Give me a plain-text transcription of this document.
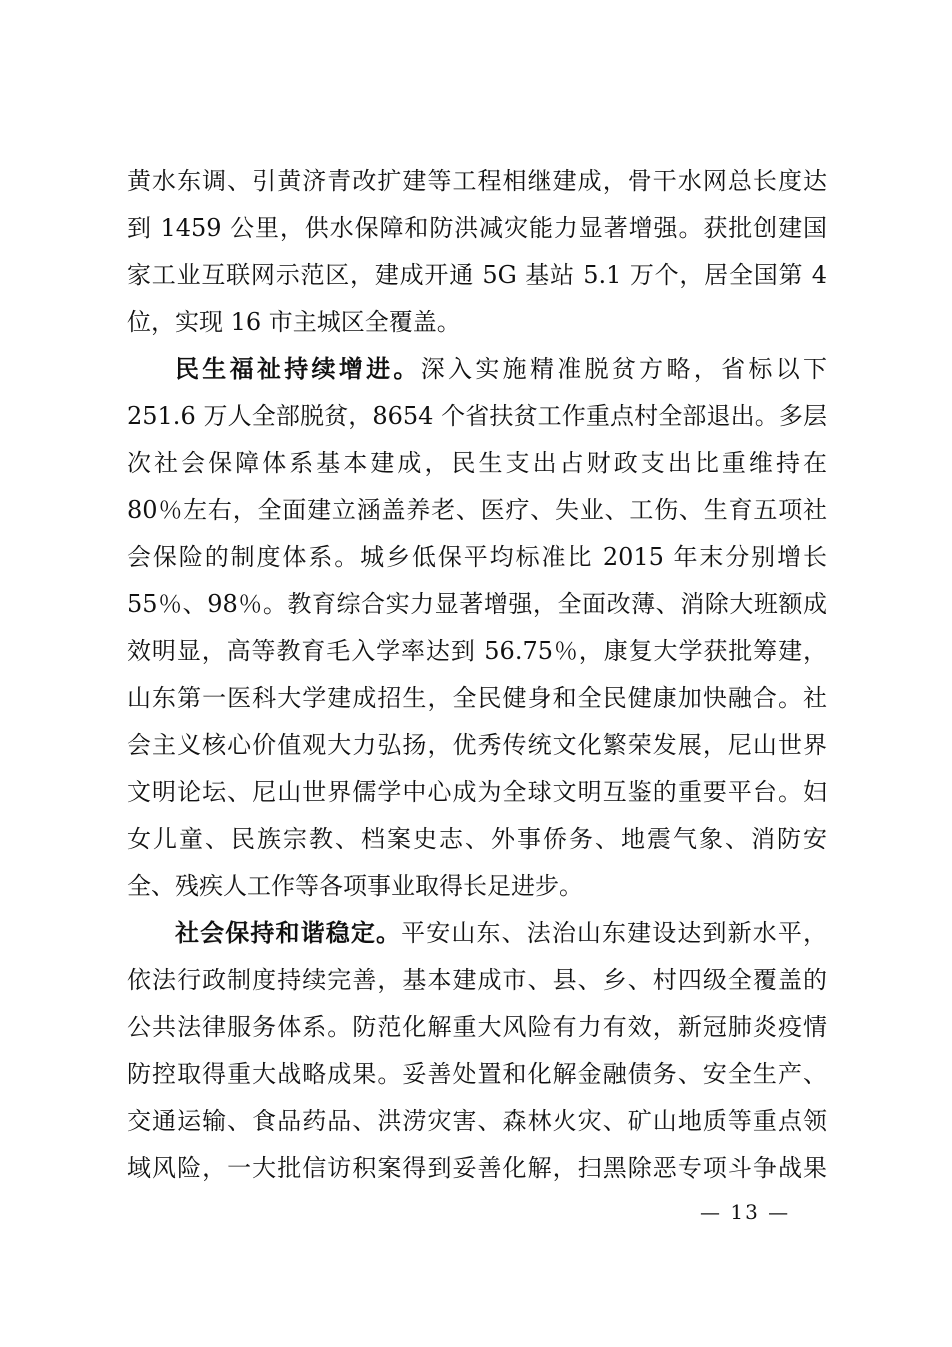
黄水东调、引黄济青改扩建等工程相继建成，骨干水网总长度达
到 1459 公里，供水保障和防洪减灾能力显著增强。获批创建国
家工业互联网示范区，建成开通 5G 基站 5.1 万个，居全国第 4
位，实现 16 市主城区全覆盖。
民生福祉持续增进。深入实施精准脱贫方略，省标以下
251.6 万人全部脱贫，8654 个省扶贫工作重点村全部退出。多层
次社会保障体系基本建成，民生支出占财政支出比重维持在
80％左右，全面建立涵盖养老、医疗、失业、工伤、生育五项社
会保险的制度体系。城乡低保平均标准比 2015 年末分别增长
55％、98％。教育综合实力显著增强，全面改薄、消除大班额成
效明显，高等教育毛入学率达到 56.75％，康复大学获批筹建，
山东第一医科大学建成招生，全民健身和全民健康加快融合。社
会主义核心价值观大力弘扬，优秀传统文化繁荣发展，尼山世界
文明论坛、尼山世界儒学中心成为全球文明互鉴的重要平台。妇
女儿童、民族宗教、档案史志、外事侨务、地震气象、消防安
全、残疾人工作等各项事业取得长足进步。
社会保持和谐稳定。平安山东、法治山东建设达到新水平，
依法行政制度持续完善，基本建成市、县、乡、村四级全覆盖的
公共法律服务体系。防范化解重大风险有力有效，新冠肺炎疫情
防控取得重大战略成果。妥善处置和化解金融债务、安全生产、
交通运输、食品药品、洪涝灾害、森林火灾、矿山地质等重点领
域风险，一大批信访积案得到妥善化解，扫黑除恶专项斗争战果
— 13 —
